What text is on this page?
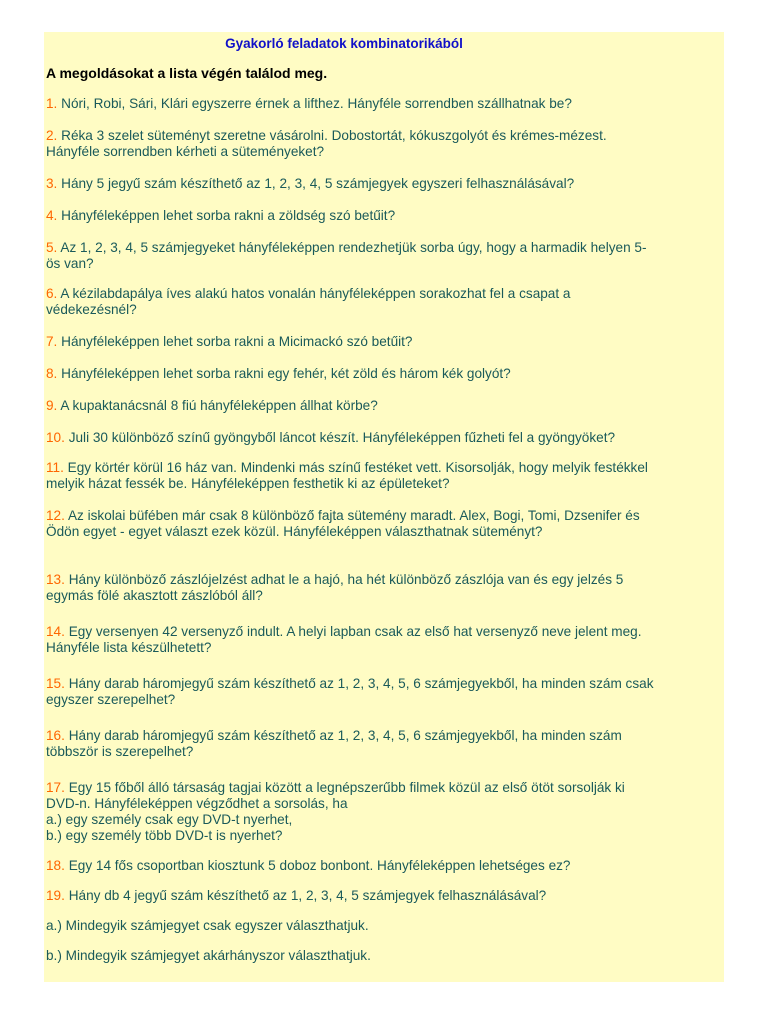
Gyakorló feladatok kombinatorikából
A megoldásokat a lista végén találod meg.
1. Nóri, Robi, Sári, Klári egyszerre érnek a lifthez. Hányféle sorrendben szállhatnak be?
2. Réka 3 szelet süteményt szeretne vásárolni. Dobostortát, kókuszgolyót és krémes-mézest.
Hányféle sorrendben kérheti a süteményeket?
3. Hány 5 jegyű szám készíthető az 1, 2, 3, 4, 5 számjegyek egyszeri felhasználásával?
4. Hányféleképpen lehet sorba rakni a zöldség szó betűit?
5. Az 1, 2, 3, 4, 5 számjegyeket hányféleképpen rendezhetjük sorba úgy, hogy a harmadik helyen 5-
ös van?
6. A kézilabdapálya íves alakú hatos vonalán hányféleképpen sorakozhat fel a csapat a
védekezésnél?
7. Hányféleképpen lehet sorba rakni a Micimackó szó betűit?
8. Hányféleképpen lehet sorba rakni egy fehér, két zöld és három kék golyót?
9. A kupaktanácsnál 8 fiú hányféleképpen állhat körbe?
10. Juli 30 különböző színű gyöngyből láncot készít. Hányféleképpen fűzheti fel a gyöngyöket?
11. Egy körtér körül 16 ház van. Mindenki más színű festéket vett. Kisorsolják, hogy melyik festékkel
melyik házat fessék be. Hányféleképpen festhetik ki az épületeket?
12. Az iskolai büfében már csak 8 különböző fajta sütemény maradt. Alex, Bogi, Tomi, Dzsenifer és
Ödön egyet - egyet választ ezek közül. Hányféleképpen választhatnak süteményt?
13. Hány különböző zászlójelzést adhat le a hajó, ha hét különböző zászlója van és egy jelzés 5
egymás fölé akasztott zászlóból áll?
14. Egy versenyen 42 versenyző indult. A helyi lapban csak az első hat versenyző neve jelent meg.
Hányféle lista készülhetett?
15. Hány darab háromjegyű szám készíthető az 1, 2, 3, 4, 5, 6 számjegyekből, ha minden szám csak
egyszer szerepelhet?
16. Hány darab háromjegyű szám készíthető az 1, 2, 3, 4, 5, 6 számjegyekből, ha minden szám
többször is szerepelhet?
17. Egy 15 főből álló társaság tagjai között a legnépszerűbb filmek közül az első ötöt sorsolják ki
DVD-n. Hányféleképpen végződhet a sorsolás, ha
a.) egy személy csak egy DVD-t nyerhet,
b.) egy személy több DVD-t is nyerhet?
18. Egy 14 fős csoportban kiosztunk 5 doboz bonbont. Hányféleképpen lehetséges ez?
19. Hány db 4 jegyű szám készíthető az 1, 2, 3, 4, 5 számjegyek felhasználásával?
a.) Mindegyik számjegyet csak egyszer választhatjuk.
b.) Mindegyik számjegyet akárhányszor választhatjuk.
